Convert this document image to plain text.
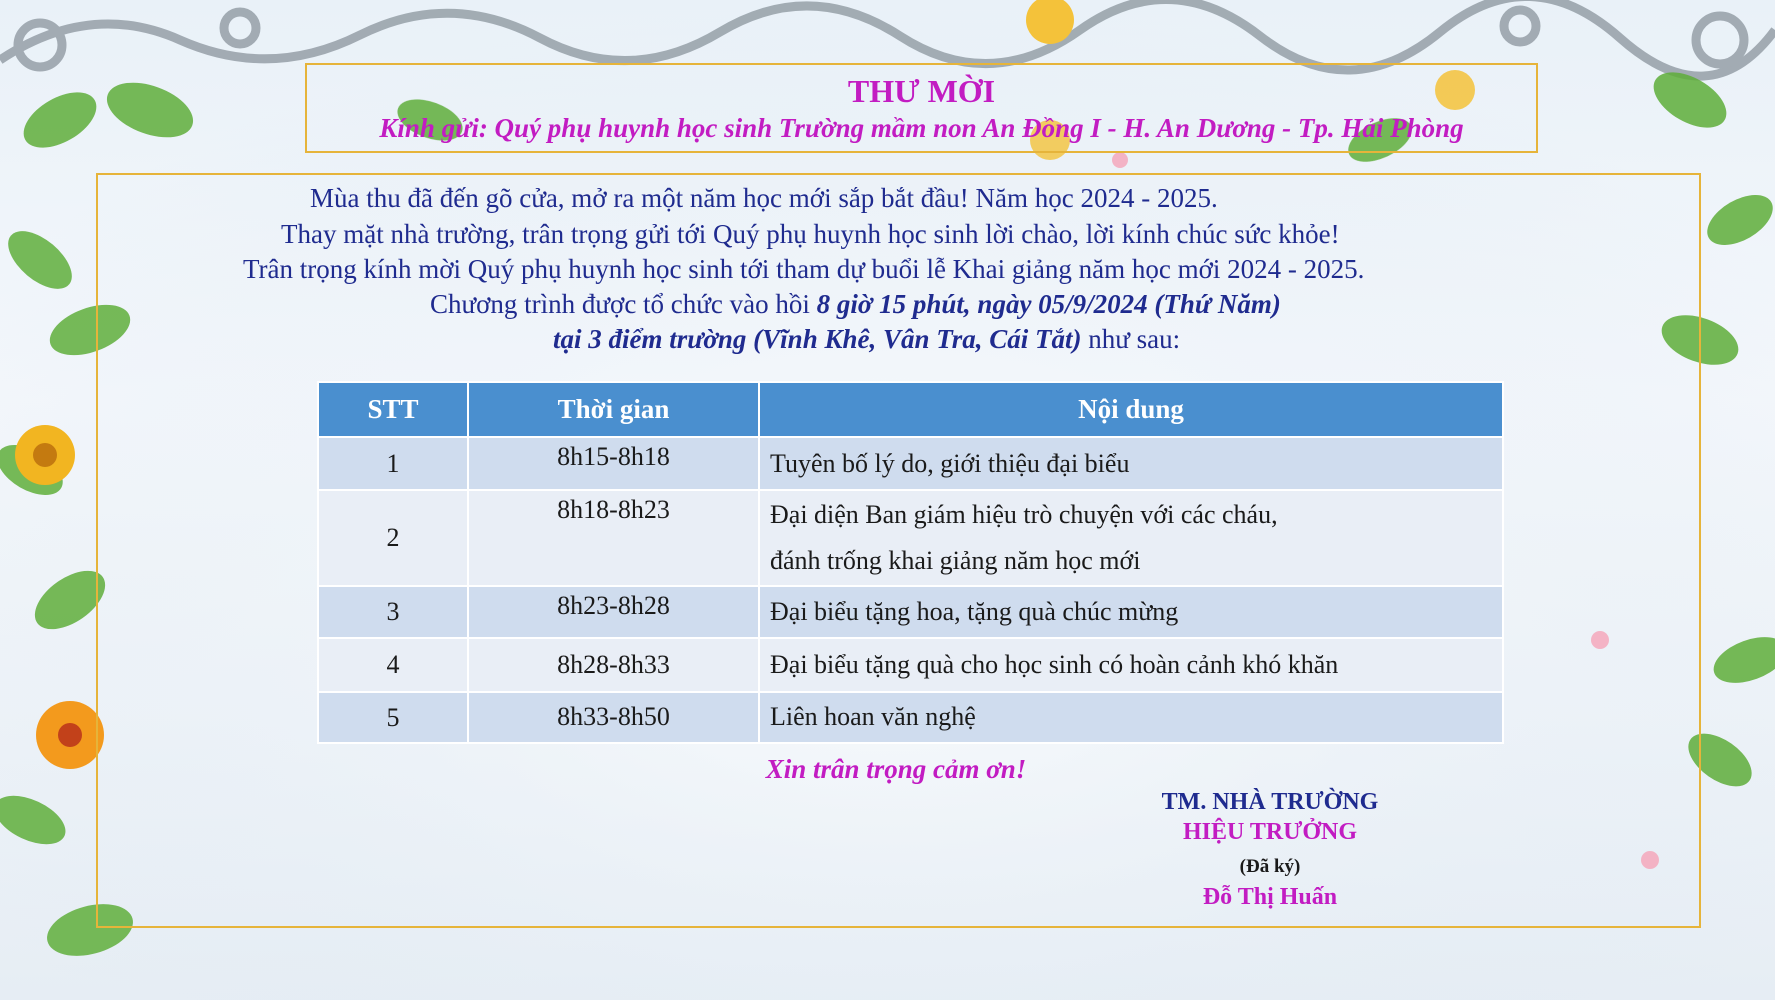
THƯ MỜI
Kính gửi: Quý phụ huynh học sinh Trường mầm non An Đồng I - H. An Dương - Tp. Hải Phòng
Mùa thu đã đến gõ cửa, mở ra một năm học mới sắp bắt đầu! Năm học 2024 - 2025.
Thay mặt nhà trường, trân trọng gửi tới Quý phụ huynh học sinh lời chào, lời kính chúc sức khỏe!
Trân trọng kính mời Quý phụ huynh học sinh tới tham dự buổi lễ Khai giảng năm học mới 2024 - 2025.
Chương trình được tổ chức vào hồi 8 giờ 15 phút, ngày 05/9/2024 (Thứ Năm)
tại 3 điểm trường (Vĩnh Khê, Vân Tra, Cái Tắt) như sau:
STT	Thời gian	Nội dung
1	8h15-8h18	Tuyên bố lý do, giới thiệu đại biểu
2	8h18-8h23	Đại diện Ban giám hiệu trò chuyện với các cháu,
đánh trống khai giảng năm học mới

3	8h23-8h28	Đại biểu tặng hoa, tặng quà chúc mừng
4	8h28-8h33	Đại biểu tặng quà cho học sinh có hoàn cảnh khó khăn
5	8h33-8h50	Liên hoan văn nghệ
Xin trân trọng cảm ơn!
TM. NHÀ TRƯỜNG
HIỆU TRƯỞNG
(Đã ký)
Đỗ Thị Huấn
